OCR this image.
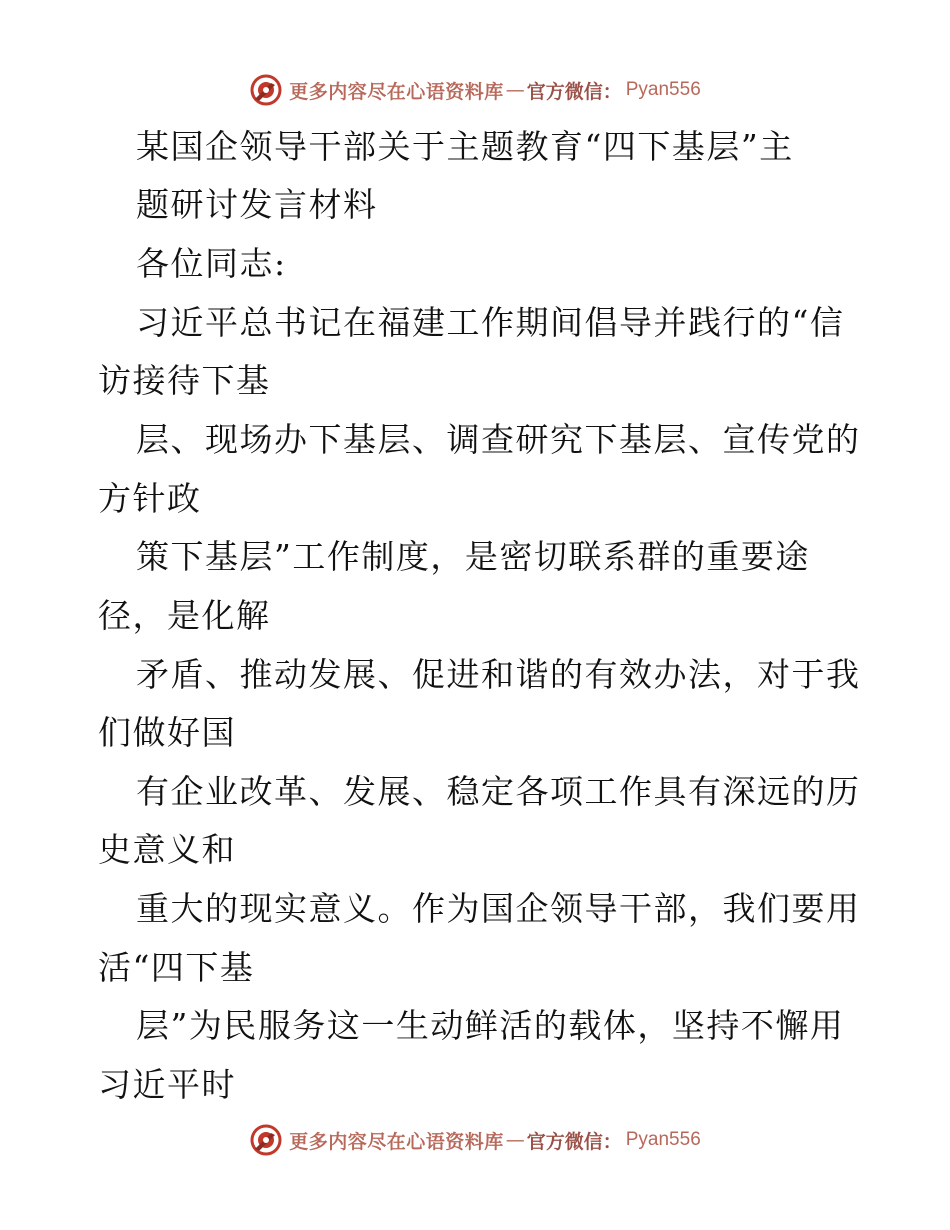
更多内容尽在心语资料库 — 官方微信： Pyan556
某国企领导干部关于主题教育“四下基层”主
题研讨发言材料
各位同志:
习近平总书记在福建工作期间倡导并践行的“信
访接待下基
层、现场办下基层、调查研究下基层、宣传党的
方针政
策下基层”工作制度，是密切联系群的重要途
径，是化解
矛盾、推动发展、促进和谐的有效办法，对于我
们做好国
有企业改革、发展、稳定各项工作具有深远的历
史意义和
重大的现实意义。作为国企领导干部，我们要用
活“四下基
层”为民服务这一生动鲜活的载体，坚持不懈用
习近平时
更多内容尽在心语资料库 — 官方微信： Pyan556
